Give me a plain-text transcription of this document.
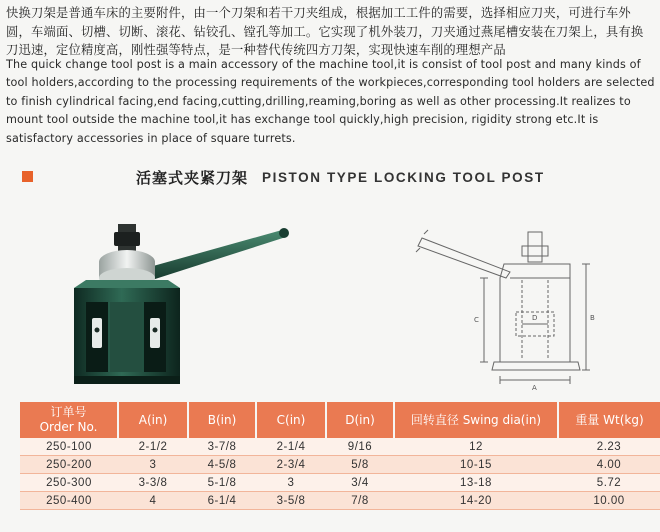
快换刀架是普通车床的主要附件，由一个刀架和若干刀夹组成，根据加工工件的需要，选择相应刀夹，可进行车外圆，车端面、切槽、切断、滚花、钻铰孔、镗孔等加工。它实现了机外装刀，刀夹通过燕尾槽安装在刀架上，具有换刀迅速，定位精度高，刚性强等特点，是一种替代传统四方刀架，实现快速车削的理想产品
The quick change tool post is a main accessory of the machine tool,it is consist of tool post and many kinds of tool holders,according to the processing requirements of the workpieces,corresponding tool holders are selected to finish cylindrical facing,end facing,cutting,drilling,reaming,boring as well as other processing.It realizes to mount tool outside the machine tool,it has exchange tool quickly,high precision, rigidity strong etc.It is satisfactory accessories in place of square turrets.
活塞式夹紧刀架 PISTON TYPE LOCKING TOOL POST
A
B
C	D
订单号
Order No.	A(in)	B(in)	C(in)	D(in)	回转直径 Swing dia(in)	重量 Wt(kg)

250-100	2-1/2	3-7/8	2-1/4	9/16	12	2.23
250-200	3	4-5/8	2-3/4	5/8	10-15	4.00
250-300	3-3/8	5-1/8	3	3/4	13-18	5.72
250-400	4	6-1/4	3-5/8	7/8	14-20	10.00
